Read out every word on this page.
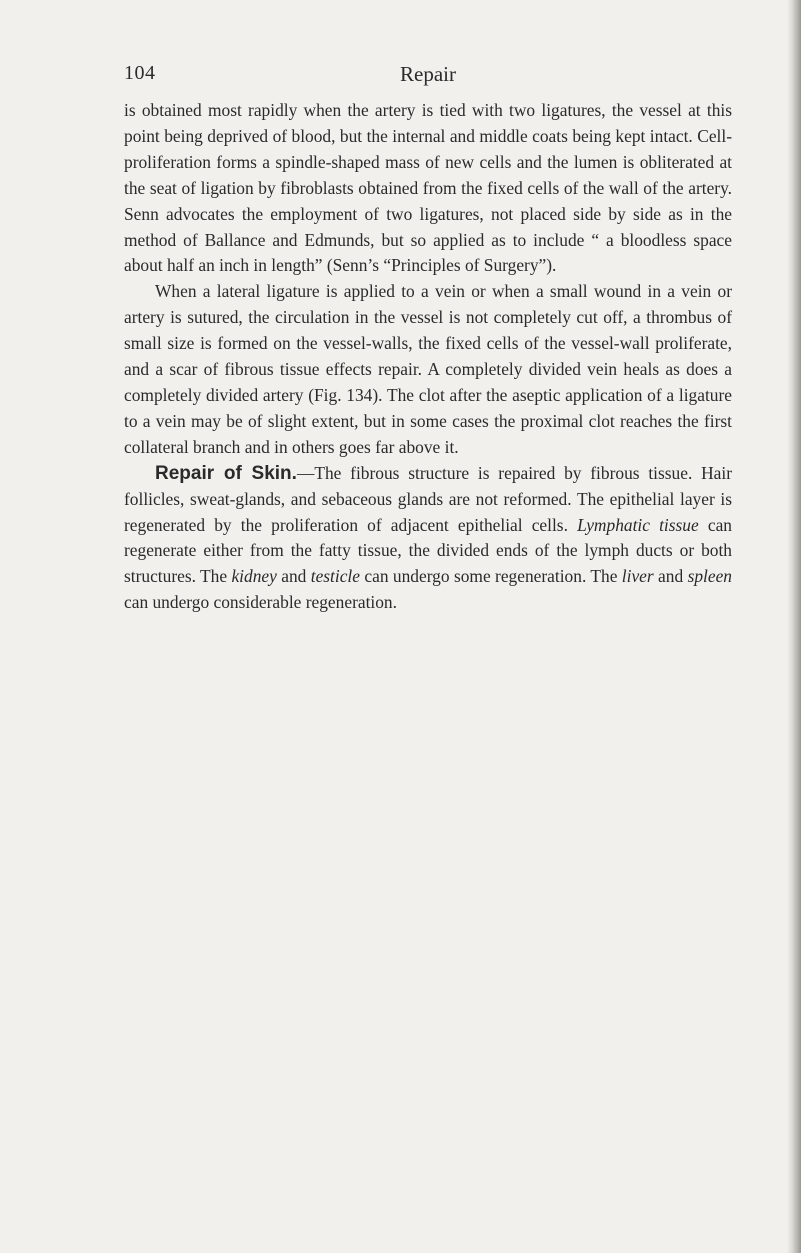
104	Repair

is obtained most rapidly when the artery is tied with two ligatures, the vessel at this point being deprived of blood, but the internal and middle coats being kept intact. Cell-proliferation forms a spindle-shaped mass of new cells and the lumen is obliterated at the seat of ligation by fibroblasts obtained from the fixed cells of the wall of the artery. Senn advocates the employment of two ligatures, not placed side by side as in the method of Ballance and Edmunds, but so applied as to include “ a bloodless space about half an inch in length” (Senn’s “Principles of Surgery”).

When a lateral ligature is applied to a vein or when a small wound in a vein or artery is sutured, the circulation in the vessel is not completely cut off, a thrombus of small size is formed on the vessel-walls, the fixed cells of the vessel-wall proliferate, and a scar of fibrous tissue effects repair. A completely divided vein heals as does a completely divided artery (Fig. 134). The clot after the aseptic application of a ligature to a vein may be of slight extent, but in some cases the proximal clot reaches the first collateral branch and in others goes far above it.

Repair of Skin.—The fibrous structure is repaired by fibrous tissue. Hair follicles, sweat-glands, and sebaceous glands are not reformed. The epithelial layer is regenerated by the proliferation of adjacent epithelial cells. Lymphatic tissue can regenerate either from the fatty tissue, the divided ends of the lymph ducts or both structures. The kidney and testicle can undergo some regeneration. The liver and spleen can undergo considerable regeneration.
